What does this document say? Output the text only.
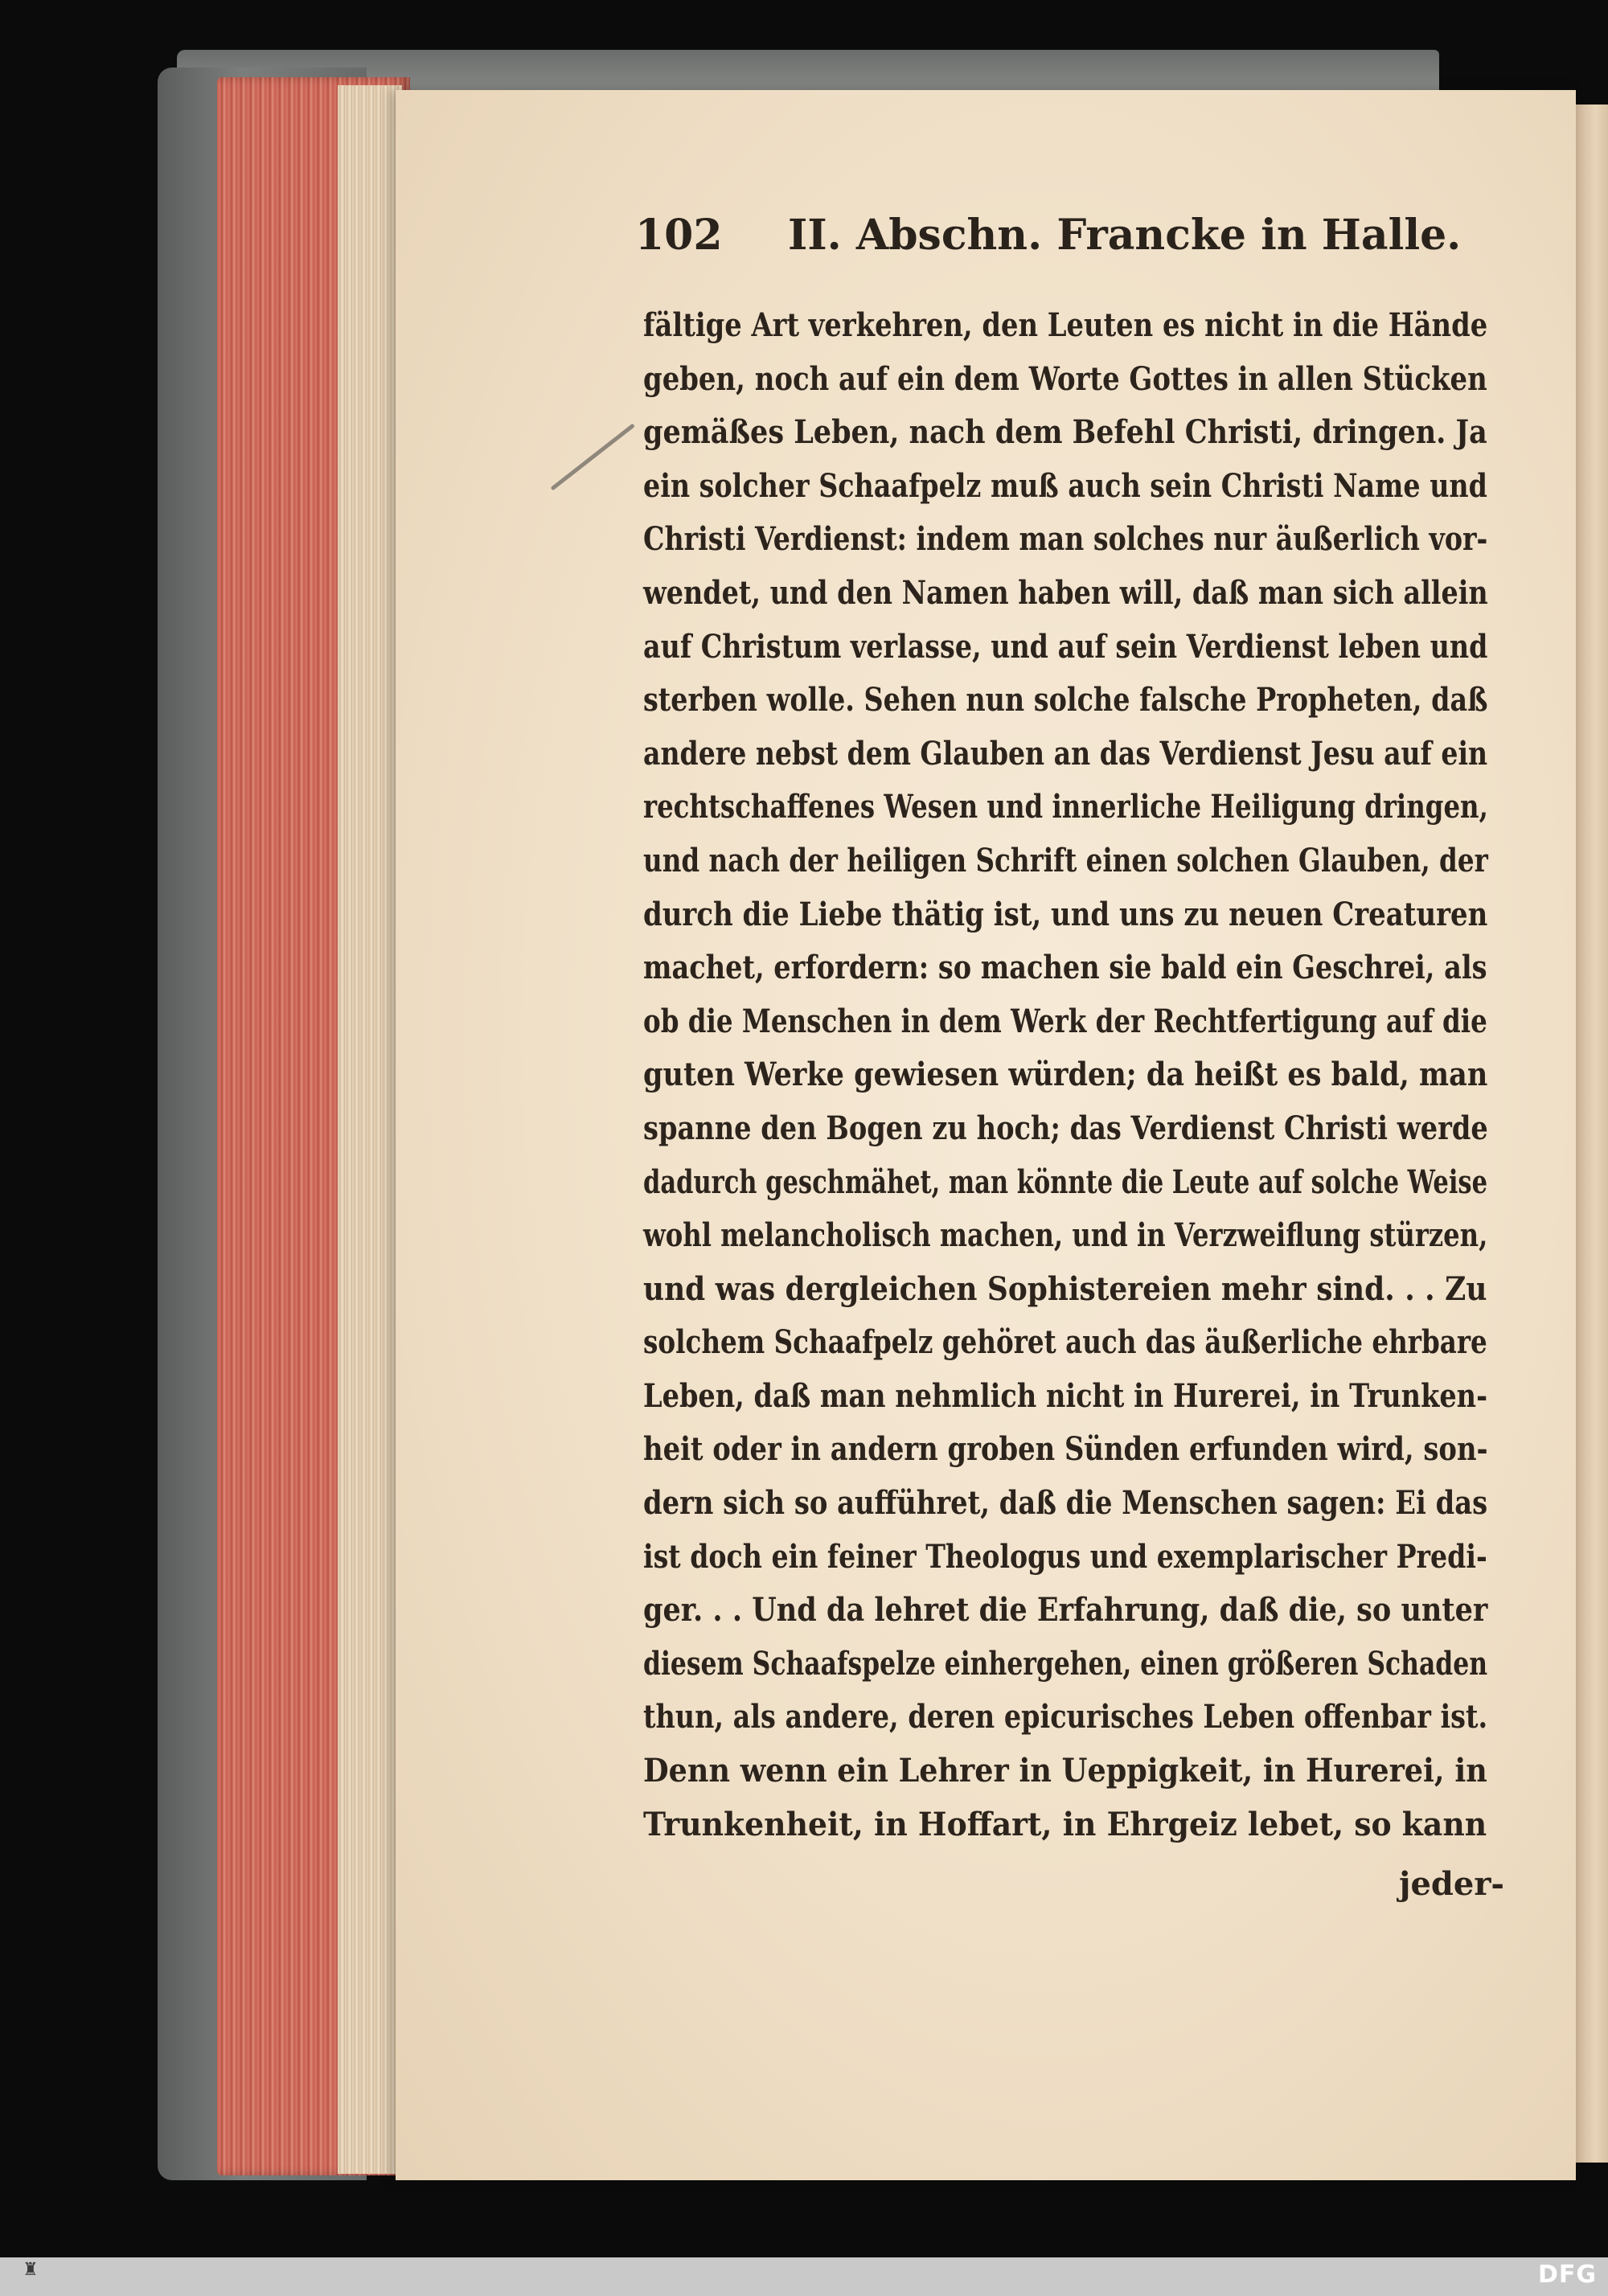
102 II. Abschn. Francke in Halle.
fältige Art verkehren, den Leuten es nicht in die Hände
geben, noch auf ein dem Worte Gottes in allen Stücken
gemäßes Leben, nach dem Befehl Christi, dringen. Ja
ein solcher Schaafpelz muß auch sein Christi Name und
Christi Verdienst: indem man solches nur äußerlich vor-
wendet, und den Namen haben will, daß man sich allein
auf Christum verlasse, und auf sein Verdienst leben und
sterben wolle. Sehen nun solche falsche Propheten, daß
andere nebst dem Glauben an das Verdienst Jesu auf ein
rechtschaffenes Wesen und innerliche Heiligung dringen,
und nach der heiligen Schrift einen solchen Glauben, der
durch die Liebe thätig ist, und uns zu neuen Creaturen
machet, erfordern: so machen sie bald ein Geschrei, als
ob die Menschen in dem Werk der Rechtfertigung auf die
guten Werke gewiesen würden; da heißt es bald, man
spanne den Bogen zu hoch; das Verdienst Christi werde
dadurch geschmähet, man könnte die Leute auf solche Weise
wohl melancholisch machen, und in Verzweiflung stürzen,
und was dergleichen Sophistereien mehr sind. . . Zu
solchem Schaafpelz gehöret auch das äußerliche ehrbare
Leben, daß man nehmlich nicht in Hurerei, in Trunken-
heit oder in andern groben Sünden erfunden wird, son-
dern sich so aufführet, daß die Menschen sagen: Ei das
ist doch ein feiner Theologus und exemplarischer Predi-
ger. . . Und da lehret die Erfahrung, daß die, so unter
diesem Schaafspelze einhergehen, einen größeren Schaden
thun, als andere, deren epicurisches Leben offenbar ist.
Denn wenn ein Lehrer in Ueppigkeit, in Hurerei, in
Trunkenheit, in Hoffart, in Ehrgeiz lebet, so kann
jeder-
♜	DFG
